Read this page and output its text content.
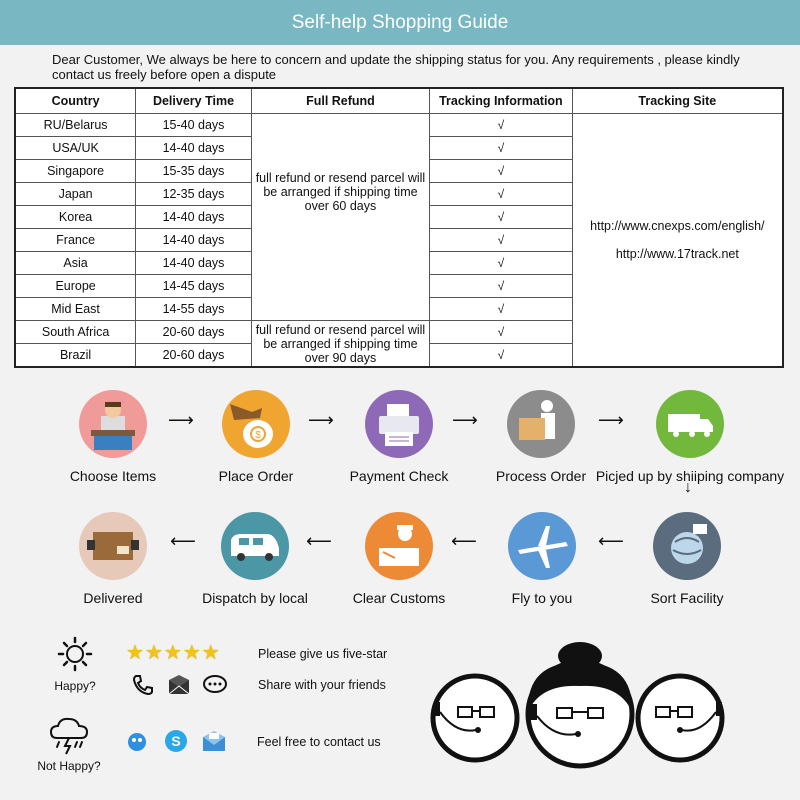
Self-help Shopping Guide
Dear Customer, We always be here to concern and update the shipping status for you. Any requirements , please kindly contact us freely before open a dispute
Country	Delivery Time	Full Refund	Tracking Information	Tracking Site
RU/Belarus	15-40 days	full refund or resend parcel will be arranged if shipping time over 60 days	√	http://www.cnexps.com/english/
http://www.17track.net

USA/UK	14-40 days		√	
Singapore	15-35 days		√	
Japan	12-35 days		√	
Korea	14-40 days		√	
France	14-40 days		√	
Asia	14-40 days		√	
Europe	14-45 days		√	
Mid East	14-55 days		√	
South Africa	20-60 days	full refund or resend parcel will be arranged if shipping time over 90 days	√	
Brazil	20-60 days		√	
Choose Items
⟶
$
Place Order
⟶
Payment Check
⟶
Process Order
⟶
Picjed up by shiiping company
↓
Sort Facility
⟵
Fly to you
⟵
Clear Customs
⟵
Dispatch by local
⟵
Delivered
Happy?
★★★★★	Please give us five-star
Share with your friends
Not Happy?
S	Feel free to contact us
